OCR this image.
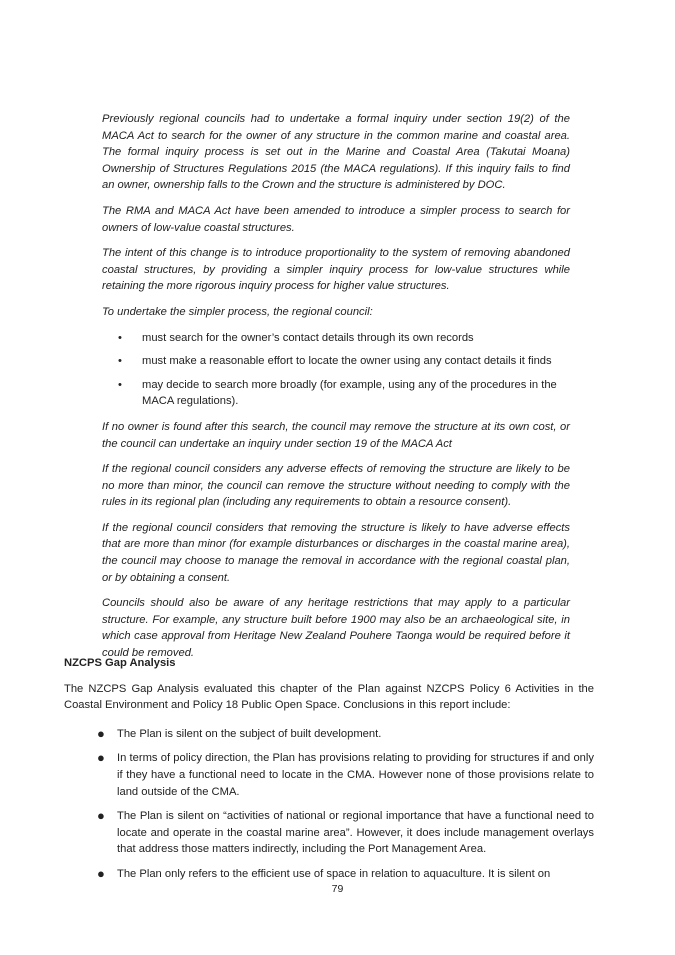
Previously regional councils had to undertake a formal inquiry under section 19(2) of the MACA Act to search for the owner of any structure in the common marine and coastal area. The formal inquiry process is set out in the Marine and Coastal Area (Takutai Moana) Ownership of Structures Regulations 2015 (the MACA regulations). If this inquiry fails to find an owner, ownership falls to the Crown and the structure is administered by DOC.

The RMA and MACA Act have been amended to introduce a simpler process to search for owners of low-value coastal structures.

The intent of this change is to introduce proportionality to the system of removing abandoned coastal structures, by providing a simpler inquiry process for low-value structures while retaining the more rigorous inquiry process for higher value structures.

To undertake the simpler process, the regional council:

• must search for the owner’s contact details through its own records
• must make a reasonable effort to locate the owner using any contact details it finds
• may decide to search more broadly (for example, using any of the procedures in the MACA regulations).

If no owner is found after this search, the council may remove the structure at its own cost, or the council can undertake an inquiry under section 19 of the MACA Act

If the regional council considers any adverse effects of removing the structure are likely to be no more than minor, the council can remove the structure without needing to comply with the rules in its regional plan (including any requirements to obtain a resource consent).

If the regional council considers that removing the structure is likely to have adverse effects that are more than minor (for example disturbances or discharges in the coastal marine area), the council may choose to manage the removal in accordance with the regional coastal plan, or by obtaining a consent.

Councils should also be aware of any heritage restrictions that may apply to a particular structure. For example, any structure built before 1900 may also be an archaeological site, in which case approval from Heritage New Zealand Pouhere Taonga would be required before it could be removed.

NZCPS Gap Analysis

The NZCPS Gap Analysis evaluated this chapter of the Plan against NZCPS Policy 6 Activities in the Coastal Environment and Policy 18 Public Open Space. Conclusions in this report include:

● The Plan is silent on the subject of built development.
● In terms of policy direction, the Plan has provisions relating to providing for structures if and only if they have a functional need to locate in the CMA. However none of those provisions relate to land outside of the CMA.
● The Plan is silent on “activities of national or regional importance that have a functional need to locate and operate in the coastal marine area”. However, it does include management overlays that address those matters indirectly, including the Port Management Area.
● The Plan only refers to the efficient use of space in relation to aquaculture. It is silent on
79
